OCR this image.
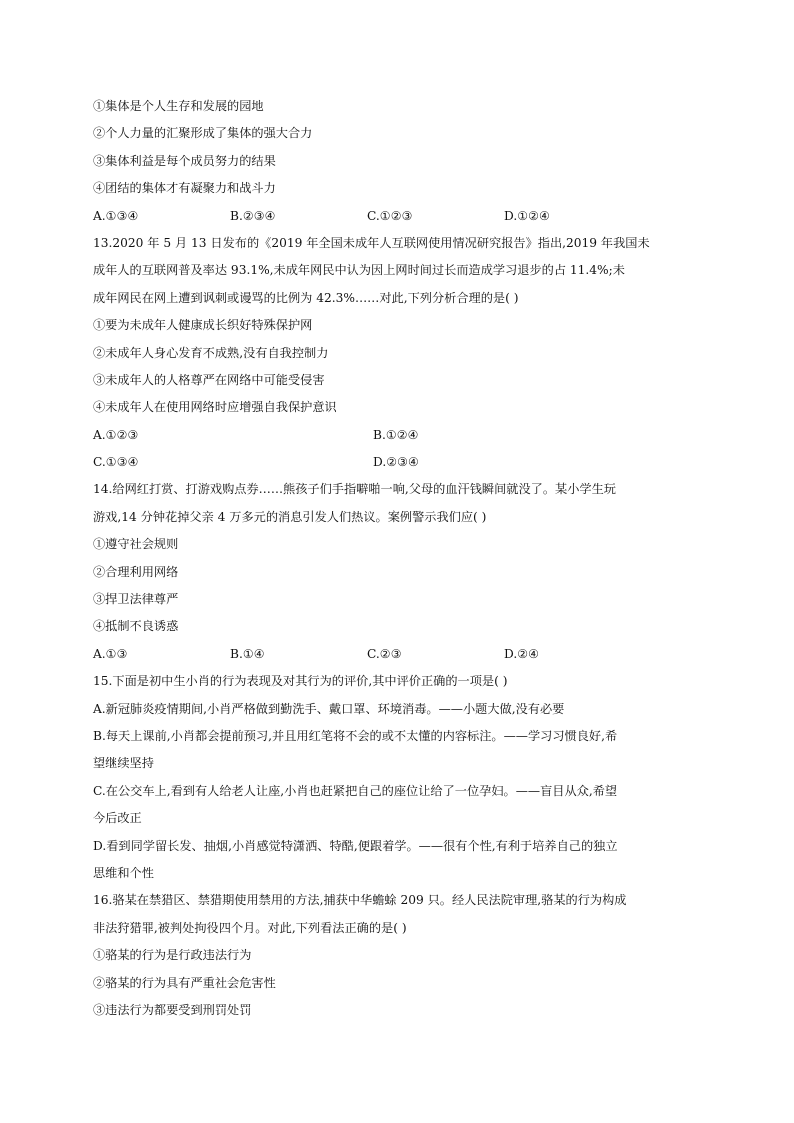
①集体是个人生存和发展的园地
②个人力量的汇聚形成了集体的强大合力
③集体利益是每个成员努力的结果
④团结的集体才有凝聚力和战斗力
A.①③④	B.②③④	C.①②③	D.①②④
13.2020 年 5 月 13 日发布的《2019 年全国未成年人互联网使用情况研究报告》指出,2019 年我国未
成年人的互联网普及率达 93.1%,未成年网民中认为因上网时间过长而造成学习退步的占 11.4%;未
成年网民在网上遭到讽刺或谩骂的比例为 42.3%……对此,下列分析合理的是( )
①要为未成年人健康成长织好特殊保护网
②未成年人身心发育不成熟,没有自我控制力
③未成年人的人格尊严在网络中可能受侵害
④未成年人在使用网络时应增强自我保护意识
A.①②③	B.①②④
C.①③④	D.②③④
14.给网红打赏、打游戏购点券……熊孩子们手指噼啪一响,父母的血汗钱瞬间就没了。某小学生玩
游戏,14 分钟花掉父亲 4 万多元的消息引发人们热议。案例警示我们应( )
①遵守社会规则
②合理利用网络
③捍卫法律尊严
④抵制不良诱惑
A.①③	B.①④	C.②③	D.②④
15.下面是初中生小肖的行为表现及对其行为的评价,其中评价正确的一项是( )
A.新冠肺炎疫情期间,小肖严格做到勤洗手、戴口罩、环境消毒。——小题大做,没有必要
B.每天上课前,小肖都会提前预习,并且用红笔将不会的或不太懂的内容标注。——学习习惯良好,希
望继续坚持
C.在公交车上,看到有人给老人让座,小肖也赶紧把自己的座位让给了一位孕妇。——盲目从众,希望
今后改正
D.看到同学留长发、抽烟,小肖感觉特潇洒、特酷,便跟着学。——很有个性,有利于培养自己的独立
思维和个性
16.骆某在禁猎区、禁猎期使用禁用的方法,捕获中华蟾蜍 209 只。经人民法院审理,骆某的行为构成
非法狩猎罪,被判处拘役四个月。对此,下列看法正确的是( )
①骆某的行为是行政违法行为
②骆某的行为具有严重社会危害性
③违法行为都要受到刑罚处罚
